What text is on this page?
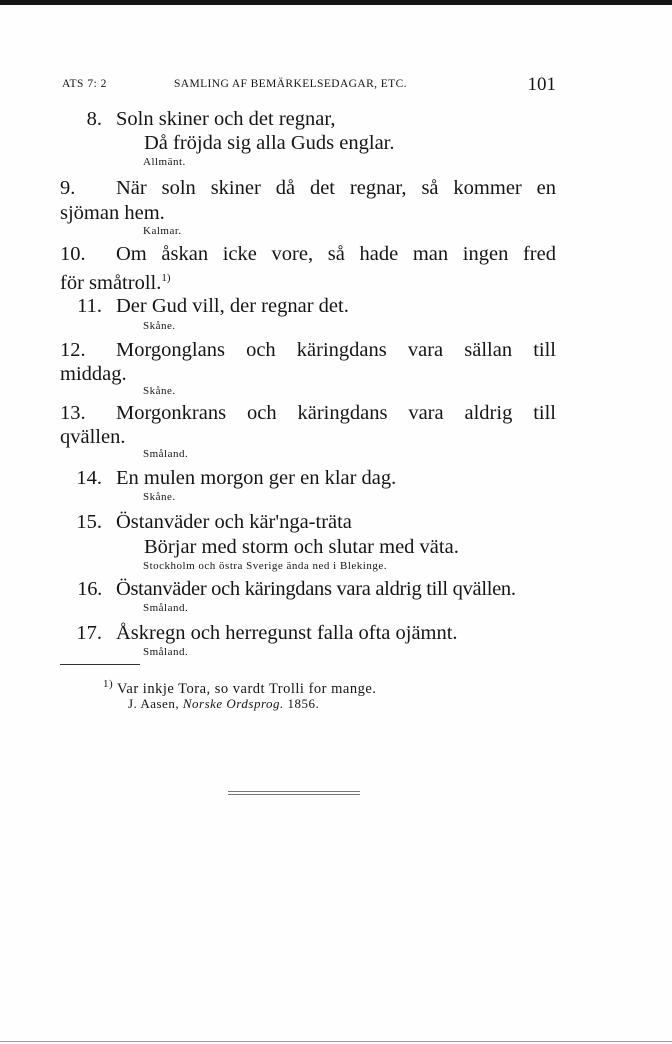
ATS 7: 2	SAMLING AF BEMÄRKELSEDAGAR, ETC.	101
8. Soln skiner och det regnar,
Då fröjda sig alla Guds englar.
Allmänt.
9. När soln skiner då det regnar, så kommer en
sjöman hem.
Kalmar.
10. Om åskan icke vore, så hade man ingen fred
för småtroll.$^{1)}$
11. Der Gud vill, der regnar det.
Skåne.
12. Morgonglans och käringdans vara sällan till
middag.
Skåne.
13. Morgonkrans och käringdans vara aldrig till
qvällen.
Småland.
14. En mulen morgon ger en klar dag.
Skåne.
15. Östanväder och kär'nga-träta
Börjar med storm och slutar med väta.
Stockholm och östra Sverige ända ned i Blekinge.
16. Östanväder och käringdans vara aldrig till qvällen.
Småland.
17. Åskregn och herregunst falla ofta ojämnt.
Småland.
$^{1)}$ Var inkje Tora, so vardt Trolli for mange.
J. Aasen, Norske Ordsprog. 1856.
